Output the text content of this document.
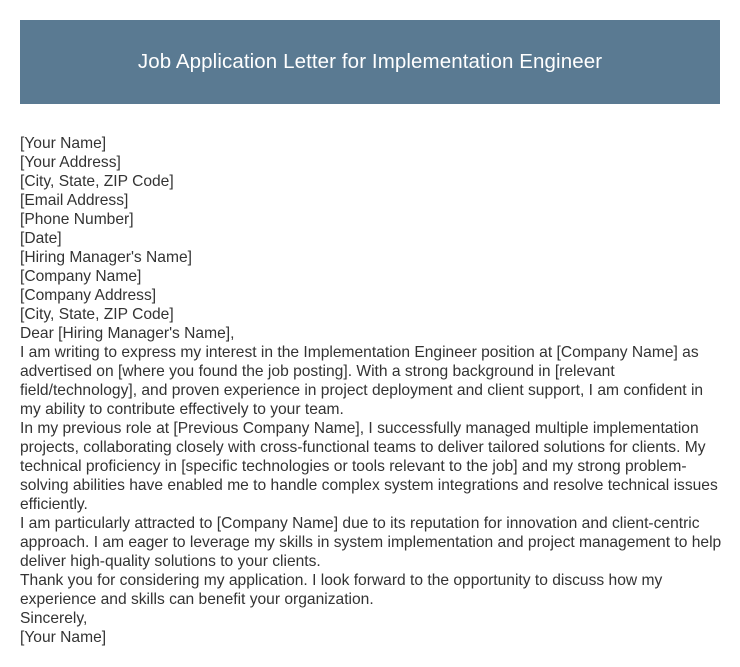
Job Application Letter for Implementation Engineer

[Your Name]

[Your Address]

[City, State, ZIP Code]

[Email Address]

[Phone Number]

[Date]

[Hiring Manager's Name]

[Company Name]

[Company Address]

[City, State, ZIP Code]

Dear [Hiring Manager's Name],

I am writing to express my interest in the Implementation Engineer position at [Company Name] as advertised on [where you found the job posting]. With a strong background in [relevant field/technology], and proven experience in project deployment and client support, I am confident in my ability to contribute effectively to your team.

In my previous role at [Previous Company Name], I successfully managed multiple implementation projects, collaborating closely with cross-functional teams to deliver tailored solutions for clients. My technical proficiency in [specific technologies or tools relevant to the job] and my strong problem-solving abilities have enabled me to handle complex system integrations and resolve technical issues efficiently.

I am particularly attracted to [Company Name] due to its reputation for innovation and client-centric approach. I am eager to leverage my skills in system implementation and project management to help deliver high-quality solutions to your clients.

Thank you for considering my application. I look forward to the opportunity to discuss how my experience and skills can benefit your organization.

Sincerely,

[Your Name]
